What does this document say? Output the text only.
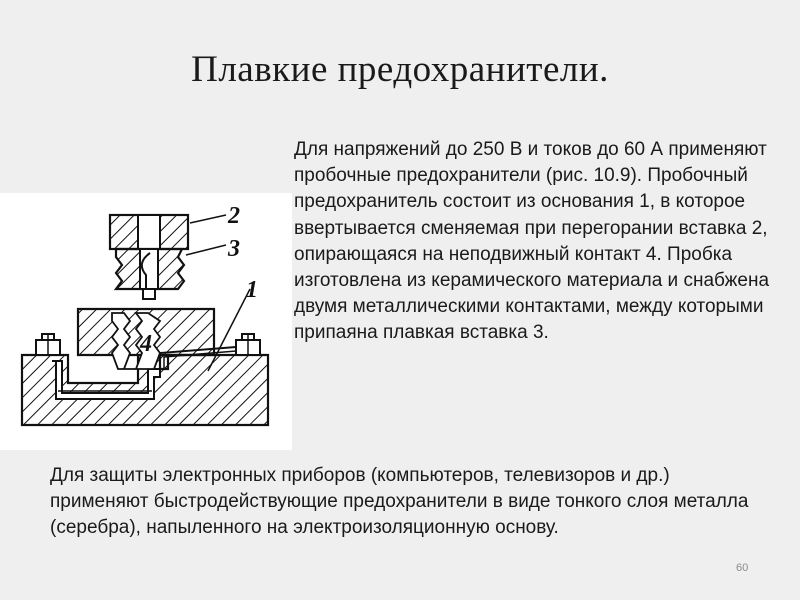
Плавкие предохранители.
2
3
1
4
Для напряжений до 250 В и токов до 60 А применяют пробочные предохранители (рис. 10.9). Пробочный предохранитель состоит из основания 1, в которое ввертывается сменяемая при перегорании вставка 2, опирающаяся на неподвижный контакт 4. Пробка изготовлена из керамического материала и снабжена двумя металлическими контактами, между которыми припаяна плавкая вставка 3.
Для защиты электронных приборов (компьютеров, телевизоров и др.) применяют быстродействующие предохранители в виде тонкого слоя металла (серебра), напыленного на электроизоляционную основу.
60
